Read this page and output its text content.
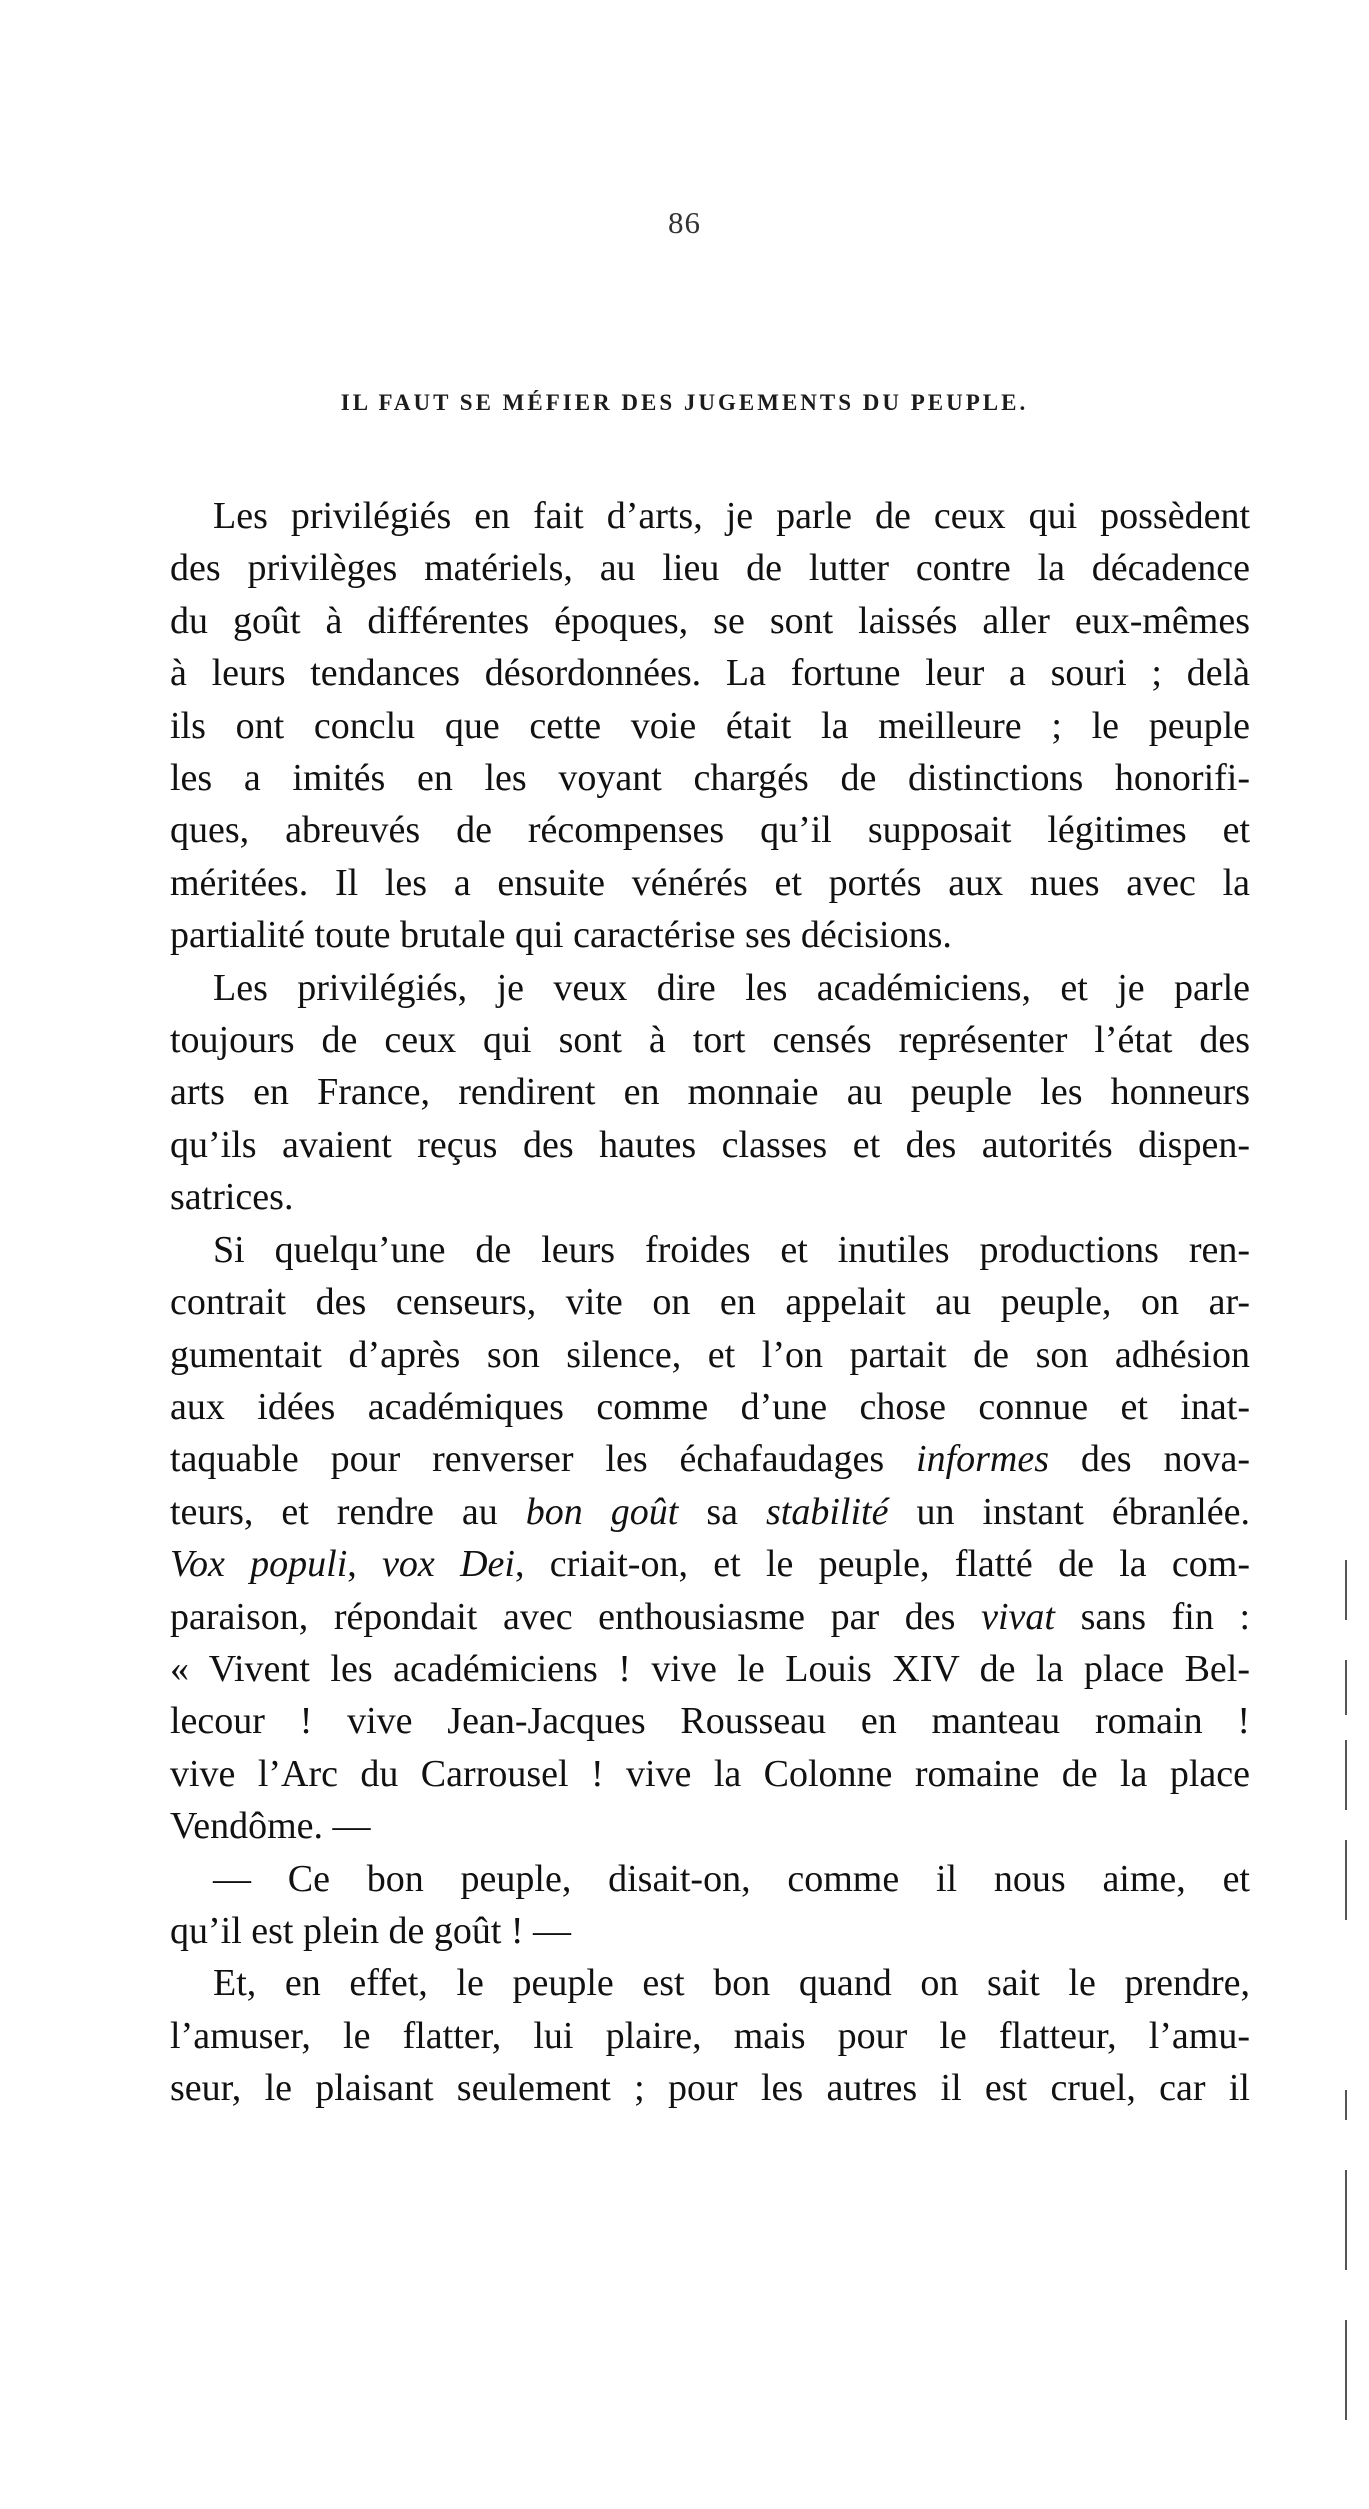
86
IL FAUT SE MÉFIER DES JUGEMENTS DU PEUPLE.
Les privilégiés en fait d’arts, je parle de ceux qui possèdent
des privilèges matériels, au lieu de lutter contre la décadence
du goût à différentes époques, se sont laissés aller eux-mêmes
à leurs tendances désordonnées. La fortune leur a souri ; delà
ils ont conclu que cette voie était la meilleure ; le peuple
les a imités en les voyant chargés de distinctions honorifi-
ques, abreuvés de récompenses qu’il supposait légitimes et
méritées. Il les a ensuite vénérés et portés aux nues avec la
partialité toute brutale qui caractérise ses décisions.
Les privilégiés, je veux dire les académiciens, et je parle
toujours de ceux qui sont à tort censés représenter l’état des
arts en France, rendirent en monnaie au peuple les honneurs
qu’ils avaient reçus des hautes classes et des autorités dispen-
satrices.
Si quelqu’une de leurs froides et inutiles productions ren-
contrait des censeurs, vite on en appelait au peuple, on ar-
gumentait d’après son silence, et l’on partait de son adhésion
aux idées académiques comme d’une chose connue et inat-
taquable pour renverser les échafaudages informes des nova-
teurs, et rendre au bon goût sa stabilité un instant ébranlée.
Vox populi, vox Dei, criait-on, et le peuple, flatté de la com-
paraison, répondait avec enthousiasme par des vivat sans fin :
« Vivent les académiciens ! vive le Louis XIV de la place Bel-
lecour ! vive Jean-Jacques Rousseau en manteau romain !
vive l’Arc du Carrousel ! vive la Colonne romaine de la place
Vendôme. —
— Ce bon peuple, disait-on, comme il nous aime, et
qu’il est plein de goût ! —
Et, en effet, le peuple est bon quand on sait le prendre,
l’amuser, le flatter, lui plaire, mais pour le flatteur, l’amu-
seur, le plaisant seulement ; pour les autres il est cruel, car il
